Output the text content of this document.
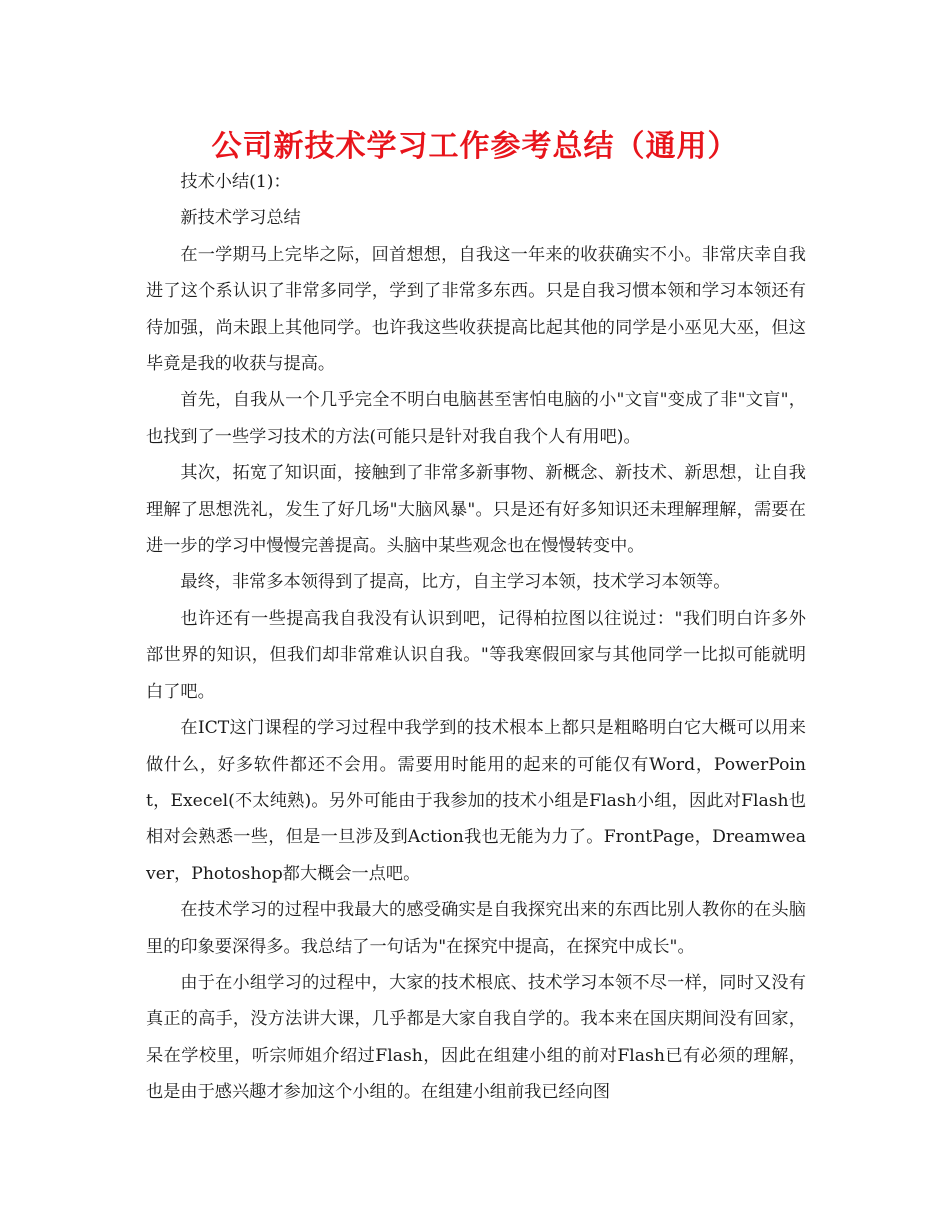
公司新技术学习工作参考总结（通用）

技术小结(1)：

新技术学习总结

在一学期马上完毕之际，回首想想，自我这一年来的收获确实不小。非常庆幸自我进了这个系认识了非常多同学，学到了非常多东西。只是自我习惯本领和学习本领还有待加强，尚未跟上其他同学。也许我这些收获提高比起其他的同学是小巫见大巫，但这毕竟是我的收获与提高。

首先，自我从一个几乎完全不明白电脑甚至害怕电脑的小"文盲"变成了非"文盲"，也找到了一些学习技术的方法(可能只是针对我自我个人有用吧)。

其次，拓宽了知识面，接触到了非常多新事物、新概念、新技术、新思想，让自我理解了思想洗礼，发生了好几场"大脑风暴"。只是还有好多知识还未理解理解，需要在进一步的学习中慢慢完善提高。头脑中某些观念也在慢慢转变中。

最终，非常多本领得到了提高，比方，自主学习本领，技术学习本领等。

也许还有一些提高我自我没有认识到吧，记得柏拉图以往说过："我们明白许多外部世界的知识，但我们却非常难认识自我。"等我寒假回家与其他同学一比拟可能就明白了吧。

在ICT这门课程的学习过程中我学到的技术根本上都只是粗略明白它大概可以用来做什么，好多软件都还不会用。需要用时能用的起来的可能仅有Word，PowerPoint，Execel(不太纯熟)。另外可能由于我参加的技术小组是Flash小组，因此对Flash也相对会熟悉一些，但是一旦涉及到Action我也无能为力了。FrontPage，Dreamweaver，Photoshop都大概会一点吧。

在技术学习的过程中我最大的感受确实是自我探究出来的东西比别人教你的在头脑里的印象要深得多。我总结了一句话为"在探究中提高，在探究中成长"。

由于在小组学习的过程中，大家的技术根底、技术学习本领不尽一样，同时又没有真正的高手，没方法讲大课，几乎都是大家自我自学的。我本来在国庆期间没有回家，呆在学校里，听宗师姐介绍过Flash，因此在组建小组的前对Flash已有必须的理解，也是由于感兴趣才参加这个小组的。在组建小组前我已经向图
